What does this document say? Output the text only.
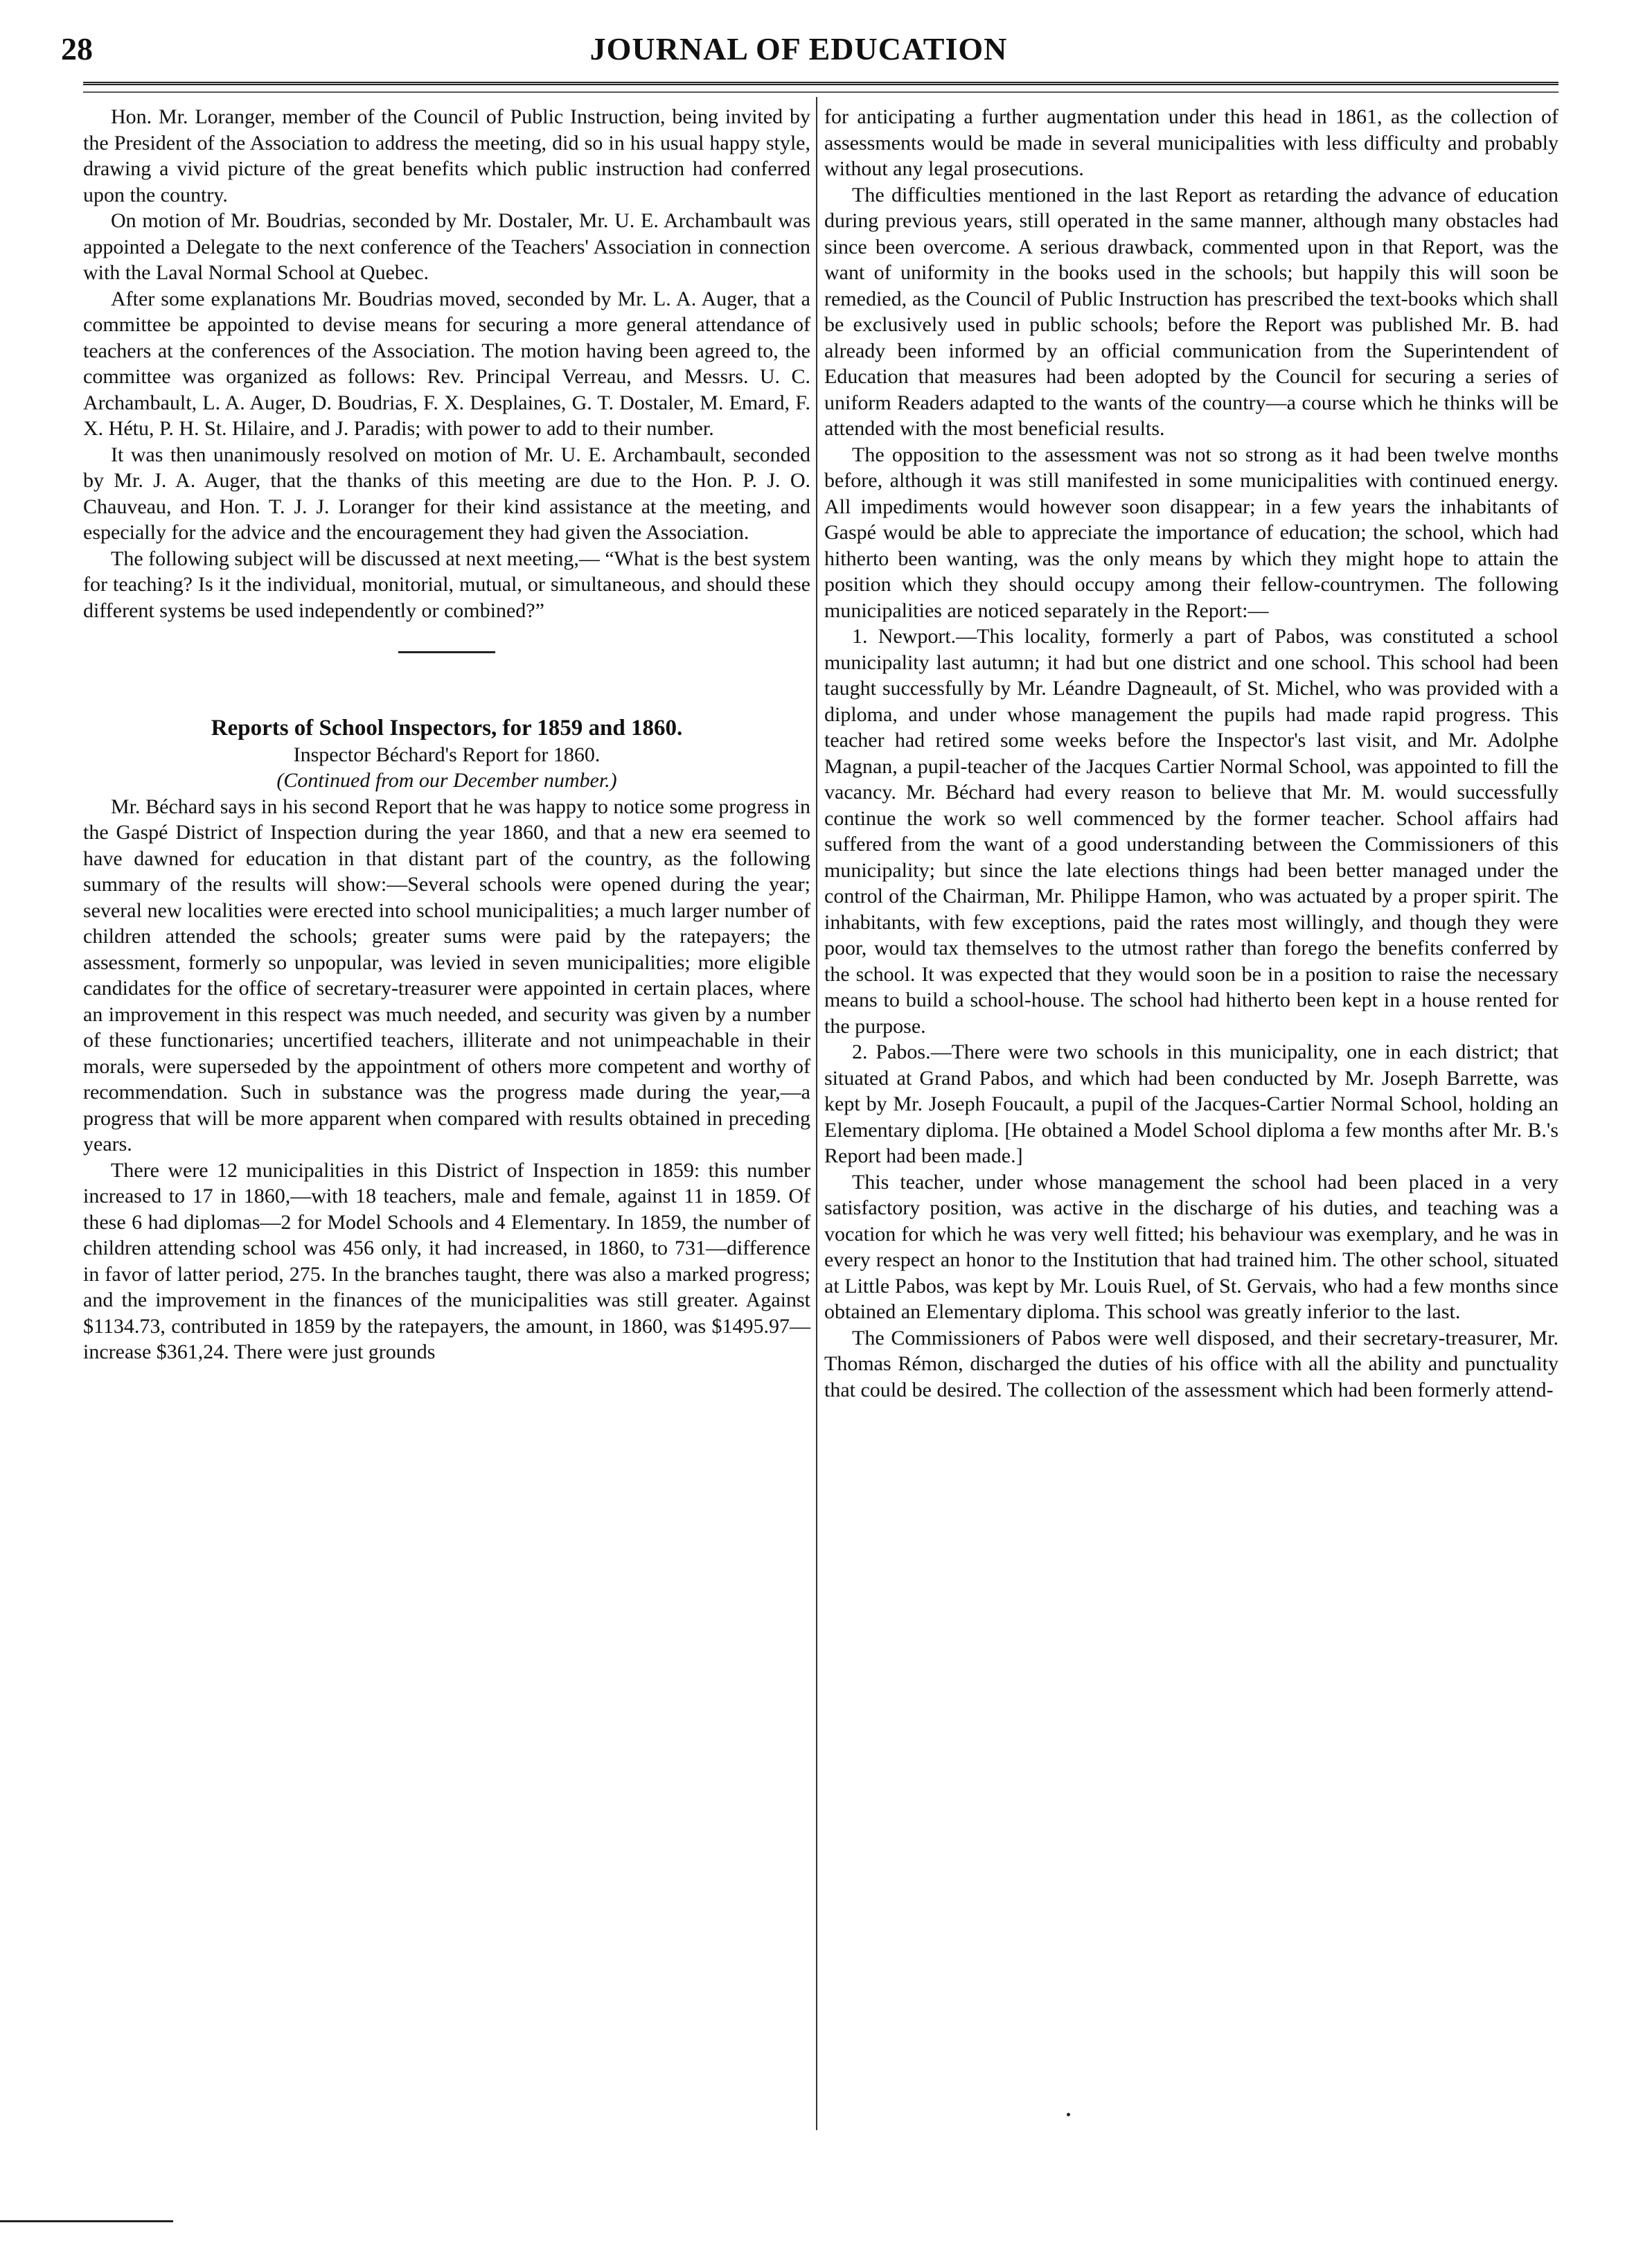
28	JOURNAL OF EDUCATION

Hon. Mr. Loranger, member of the Council of Public Instruction, being invited by the President of the Association to address the meeting, did so in his usual happy style, drawing a vivid picture of the great benefits which public instruction had conferred upon the country.

On motion of Mr. Boudrias, seconded by Mr. Dostaler, Mr. U. E. Archambault was appointed a Delegate to the next conference of the Teachers' Association in connection with the Laval Normal School at Quebec.

After some explanations Mr. Boudrias moved, seconded by Mr. L. A. Auger, that a committee be appointed to devise means for securing a more general attendance of teachers at the conferences of the Association. The motion having been agreed to, the committee was organized as follows: Rev. Principal Verreau, and Messrs. U. C. Archambault, L. A. Auger, D. Boudrias, F. X. Desplaines, G. T. Dostaler, M. Emard, F. X. Hétu, P. H. St. Hilaire, and J. Paradis; with power to add to their number.

It was then unanimously resolved on motion of Mr. U. E. Archambault, seconded by Mr. J. A. Auger, that the thanks of this meeting are due to the Hon. P. J. O. Chauveau, and Hon. T. J. J. Loranger for their kind assistance at the meeting, and especially for the advice and the encouragement they had given the Association.

The following subject will be discussed at next meeting,— “What is the best system for teaching? Is it the individual, monitorial, mutual, or simultaneous, and should these different systems be used independently or combined?”

Reports of School Inspectors, for 1859 and 1860.

Inspector Béchard's Report for 1860.

(Continued from our December number.)

Mr. Béchard says in his second Report that he was happy to notice some progress in the Gaspé District of Inspection during the year 1860, and that a new era seemed to have dawned for education in that distant part of the country, as the following summary of the results will show:—Several schools were opened during the year; several new localities were erected into school municipalities; a much larger number of children attended the schools; greater sums were paid by the ratepayers; the assessment, formerly so unpopular, was levied in seven municipalities; more eligible candidates for the office of secretary-treasurer were appointed in certain places, where an improvement in this respect was much needed, and security was given by a number of these functionaries; uncertified teachers, illiterate and not unimpeachable in their morals, were superseded by the appointment of others more competent and worthy of recommendation. Such in substance was the progress made during the year,—a progress that will be more apparent when compared with results obtained in preceding years.

There were 12 municipalities in this District of Inspection in 1859: this number increased to 17 in 1860,—with 18 teachers, male and female, against 11 in 1859. Of these 6 had diplomas—2 for Model Schools and 4 Elementary. In 1859, the number of children attending school was 456 only, it had increased, in 1860, to 731—difference in favor of latter period, 275. In the branches taught, there was also a marked progress; and the improvement in the finances of the municipalities was still greater. Against $1134.73, contributed in 1859 by the ratepayers, the amount, in 1860, was $1495.97—increase $361,24. There were just grounds

for anticipating a further augmentation under this head in 1861, as the collection of assessments would be made in several municipalities with less difficulty and probably without any legal prosecutions.

The difficulties mentioned in the last Report as retarding the advance of education during previous years, still operated in the same manner, although many obstacles had since been overcome. A serious drawback, commented upon in that Report, was the want of uniformity in the books used in the schools; but happily this will soon be remedied, as the Council of Public Instruction has prescribed the text-books which shall be exclusively used in public schools; before the Report was published Mr. B. had already been informed by an official communication from the Superintendent of Education that measures had been adopted by the Council for securing a series of uniform Readers adapted to the wants of the country—a course which he thinks will be attended with the most beneficial results.

The opposition to the assessment was not so strong as it had been twelve months before, although it was still manifested in some municipalities with continued energy. All impediments would however soon disappear; in a few years the inhabitants of Gaspé would be able to appreciate the importance of education; the school, which had hitherto been wanting, was the only means by which they might hope to attain the position which they should occupy among their fellow-countrymen. The following municipalities are noticed separately in the Report:—

1. Newport.—This locality, formerly a part of Pabos, was constituted a school municipality last autumn; it had but one district and one school. This school had been taught successfully by Mr. Léandre Dagneault, of St. Michel, who was provided with a diploma, and under whose management the pupils had made rapid progress. This teacher had retired some weeks before the Inspector's last visit, and Mr. Adolphe Magnan, a pupil-teacher of the Jacques Cartier Normal School, was appointed to fill the vacancy. Mr. Béchard had every reason to believe that Mr. M. would successfully continue the work so well commenced by the former teacher. School affairs had suffered from the want of a good understanding between the Commissioners of this municipality; but since the late elections things had been better managed under the control of the Chairman, Mr. Philippe Hamon, who was actuated by a proper spirit. The inhabitants, with few exceptions, paid the rates most willingly, and though they were poor, would tax themselves to the utmost rather than forego the benefits conferred by the school. It was expected that they would soon be in a position to raise the necessary means to build a school-house. The school had hitherto been kept in a house rented for the purpose.

2. Pabos.—There were two schools in this municipality, one in each district; that situated at Grand Pabos, and which had been conducted by Mr. Joseph Barrette, was kept by Mr. Joseph Foucault, a pupil of the Jacques-Cartier Normal School, holding an Elementary diploma. [He obtained a Model School diploma a few months after Mr. B.'s Report had been made.]

This teacher, under whose management the school had been placed in a very satisfactory position, was active in the discharge of his duties, and teaching was a vocation for which he was very well fitted; his behaviour was exemplary, and he was in every respect an honor to the Institution that had trained him. The other school, situated at Little Pabos, was kept by Mr. Louis Ruel, of St. Gervais, who had a few months since obtained an Elementary diploma. This school was greatly inferior to the last.

The Commissioners of Pabos were well disposed, and their secretary-treasurer, Mr. Thomas Rémon, discharged the duties of his office with all the ability and punctuality that could be desired. The collection of the assessment which had been formerly attend-
